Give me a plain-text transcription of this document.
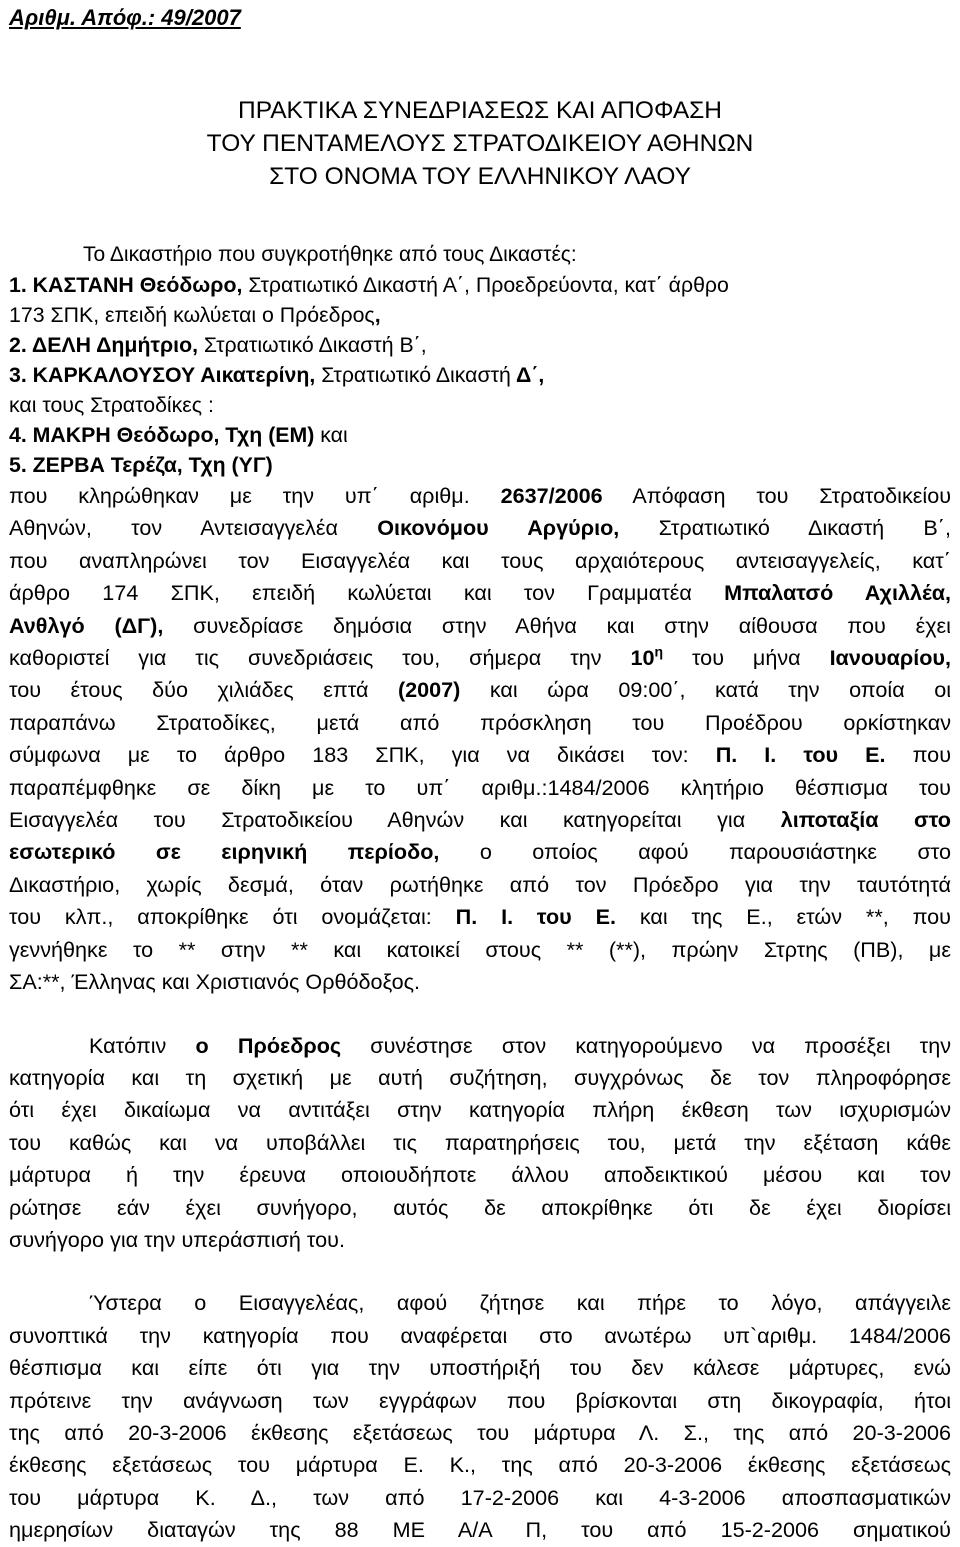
Αριθμ. Απόφ.: 49/2007

ΠΡΑΚΤΙΚΑ ΣΥΝΕΔΡΙΑΣΕΩΣ ΚΑΙ ΑΠΟΦΑΣΗ
ΤΟΥ ΠΕΝΤΑΜΕΛΟΥΣ ΣΤΡΑΤΟΔΙΚΕΙΟΥ ΑΘΗΝΩΝ
ΣΤΟ ΟΝΟΜΑ ΤΟΥ ΕΛΛΗΝΙΚΟΥ ΛΑΟΥ
Το Δικαστήριο που συγκροτήθηκε από τους Δικαστές:
1. ΚΑΣΤΑΝΗ Θεόδωρο, Στρατιωτικό Δικαστή Α΄, Προεδρεύοντα, κατ΄ άρθρο
173 ΣΠΚ, επειδή κωλύεται ο Πρόεδρος,
2. ΔΕΛΗ Δημήτριο, Στρατιωτικό Δικαστή Β΄,
3. ΚΑΡΚΑΛΟΥΣΟΥ Αικατερίνη, Στρατιωτικό Δικαστή Δ΄,
και τους Στρατοδίκες :
4. ΜΑΚΡΗ Θεόδωρο, Τχη (ΕΜ) και
5. ΖΕΡΒΑ Τερέζα, Τχη (ΥΓ)
που κληρώθηκαν με την υπ΄ αριθμ. 2637/2006 Απόφαση του Στρατοδικείου
Αθηνών, τον Αντεισαγγελέα Οικονόμου Αργύριο, Στρατιωτικό Δικαστή Β΄,
που αναπληρώνει τον Εισαγγελέα και τους αρχαιότερους αντεισαγγελείς, κατ΄
άρθρο 174 ΣΠΚ, επειδή κωλύεται και τον Γραμματέα Μπαλατσό Αχιλλέα,
Ανθλγό (ΔΓ), συνεδρίασε δημόσια στην Αθήνα και στην αίθουσα που έχει
καθοριστεί για τις συνεδριάσεις του, σήμερα την $10^\eta$ του μήνα Ιανουαρίου,
του έτους δύο χιλιάδες επτά (2007) και ώρα 09:00΄, κατά την οποία οι
παραπάνω Στρατοδίκες, μετά από πρόσκληση του Προέδρου ορκίστηκαν
σύμφωνα με το άρθρο 183 ΣΠΚ, για να δικάσει τον: Π. Ι. του Ε. που
παραπέμφθηκε σε δίκη με το υπ΄ αριθμ.:1484/2006 κλητήριο θέσπισμα του
Εισαγγελέα του Στρατοδικείου Αθηνών και κατηγορείται για λιποταξία στο
εσωτερικό σε ειρηνική περίοδο, ο οποίος αφού παρουσιάστηκε στο
Δικαστήριο, χωρίς δεσμά, όταν ρωτήθηκε από τον Πρόεδρο για την ταυτότητά
του κλπ., αποκρίθηκε ότι ονομάζεται: Π. Ι. του Ε. και της Ε., ετών **, που
γεννήθηκε το ** στην ** και κατοικεί στους ** (**), πρώην Στρτης (ΠΒ), με
ΣΑ:**, Έλληνας και Χριστιανός Ορθόδοξος.
Κατόπιν ο Πρόεδρος συνέστησε στον κατηγορούμενο να προσέξει την
κατηγορία και τη σχετική με αυτή συζήτηση, συγχρόνως δε τον πληροφόρησε
ότι έχει δικαίωμα να αντιτάξει στην κατηγορία πλήρη έκθεση των ισχυρισμών
του καθώς και να υποβάλλει τις παρατηρήσεις του, μετά την εξέταση κάθε
μάρτυρα ή την έρευνα οποιουδήποτε άλλου αποδεικτικού μέσου και τον
ρώτησε εάν έχει συνήγορο, αυτός δε αποκρίθηκε ότι δε έχει διορίσει
συνήγορο για την υπεράσπισή του.
Ύστερα ο Εισαγγελέας, αφού ζήτησε και πήρε το λόγο, απάγγειλε
συνοπτικά την κατηγορία που αναφέρεται στο ανωτέρω υπ`αριθμ. 1484/2006
θέσπισμα και είπε ότι για την υποστήριξή του δεν κάλεσε μάρτυρες, ενώ
πρότεινε την ανάγνωση των εγγράφων που βρίσκονται στη δικογραφία, ήτοι
της από 20-3-2006 έκθεσης εξετάσεως του μάρτυρα Λ. Σ., της από 20-3-2006
έκθεσης εξετάσεως του μάρτυρα Ε. Κ., της από 20-3-2006 έκθεσης εξετάσεως
του μάρτυρα Κ. Δ., των από 17-2-2006 και 4-3-2006 αποσπασματικών
ημερησίων διαταγών της 88 ΜΕ Α/Α Π, του από 15-2-2006 σηματικού
